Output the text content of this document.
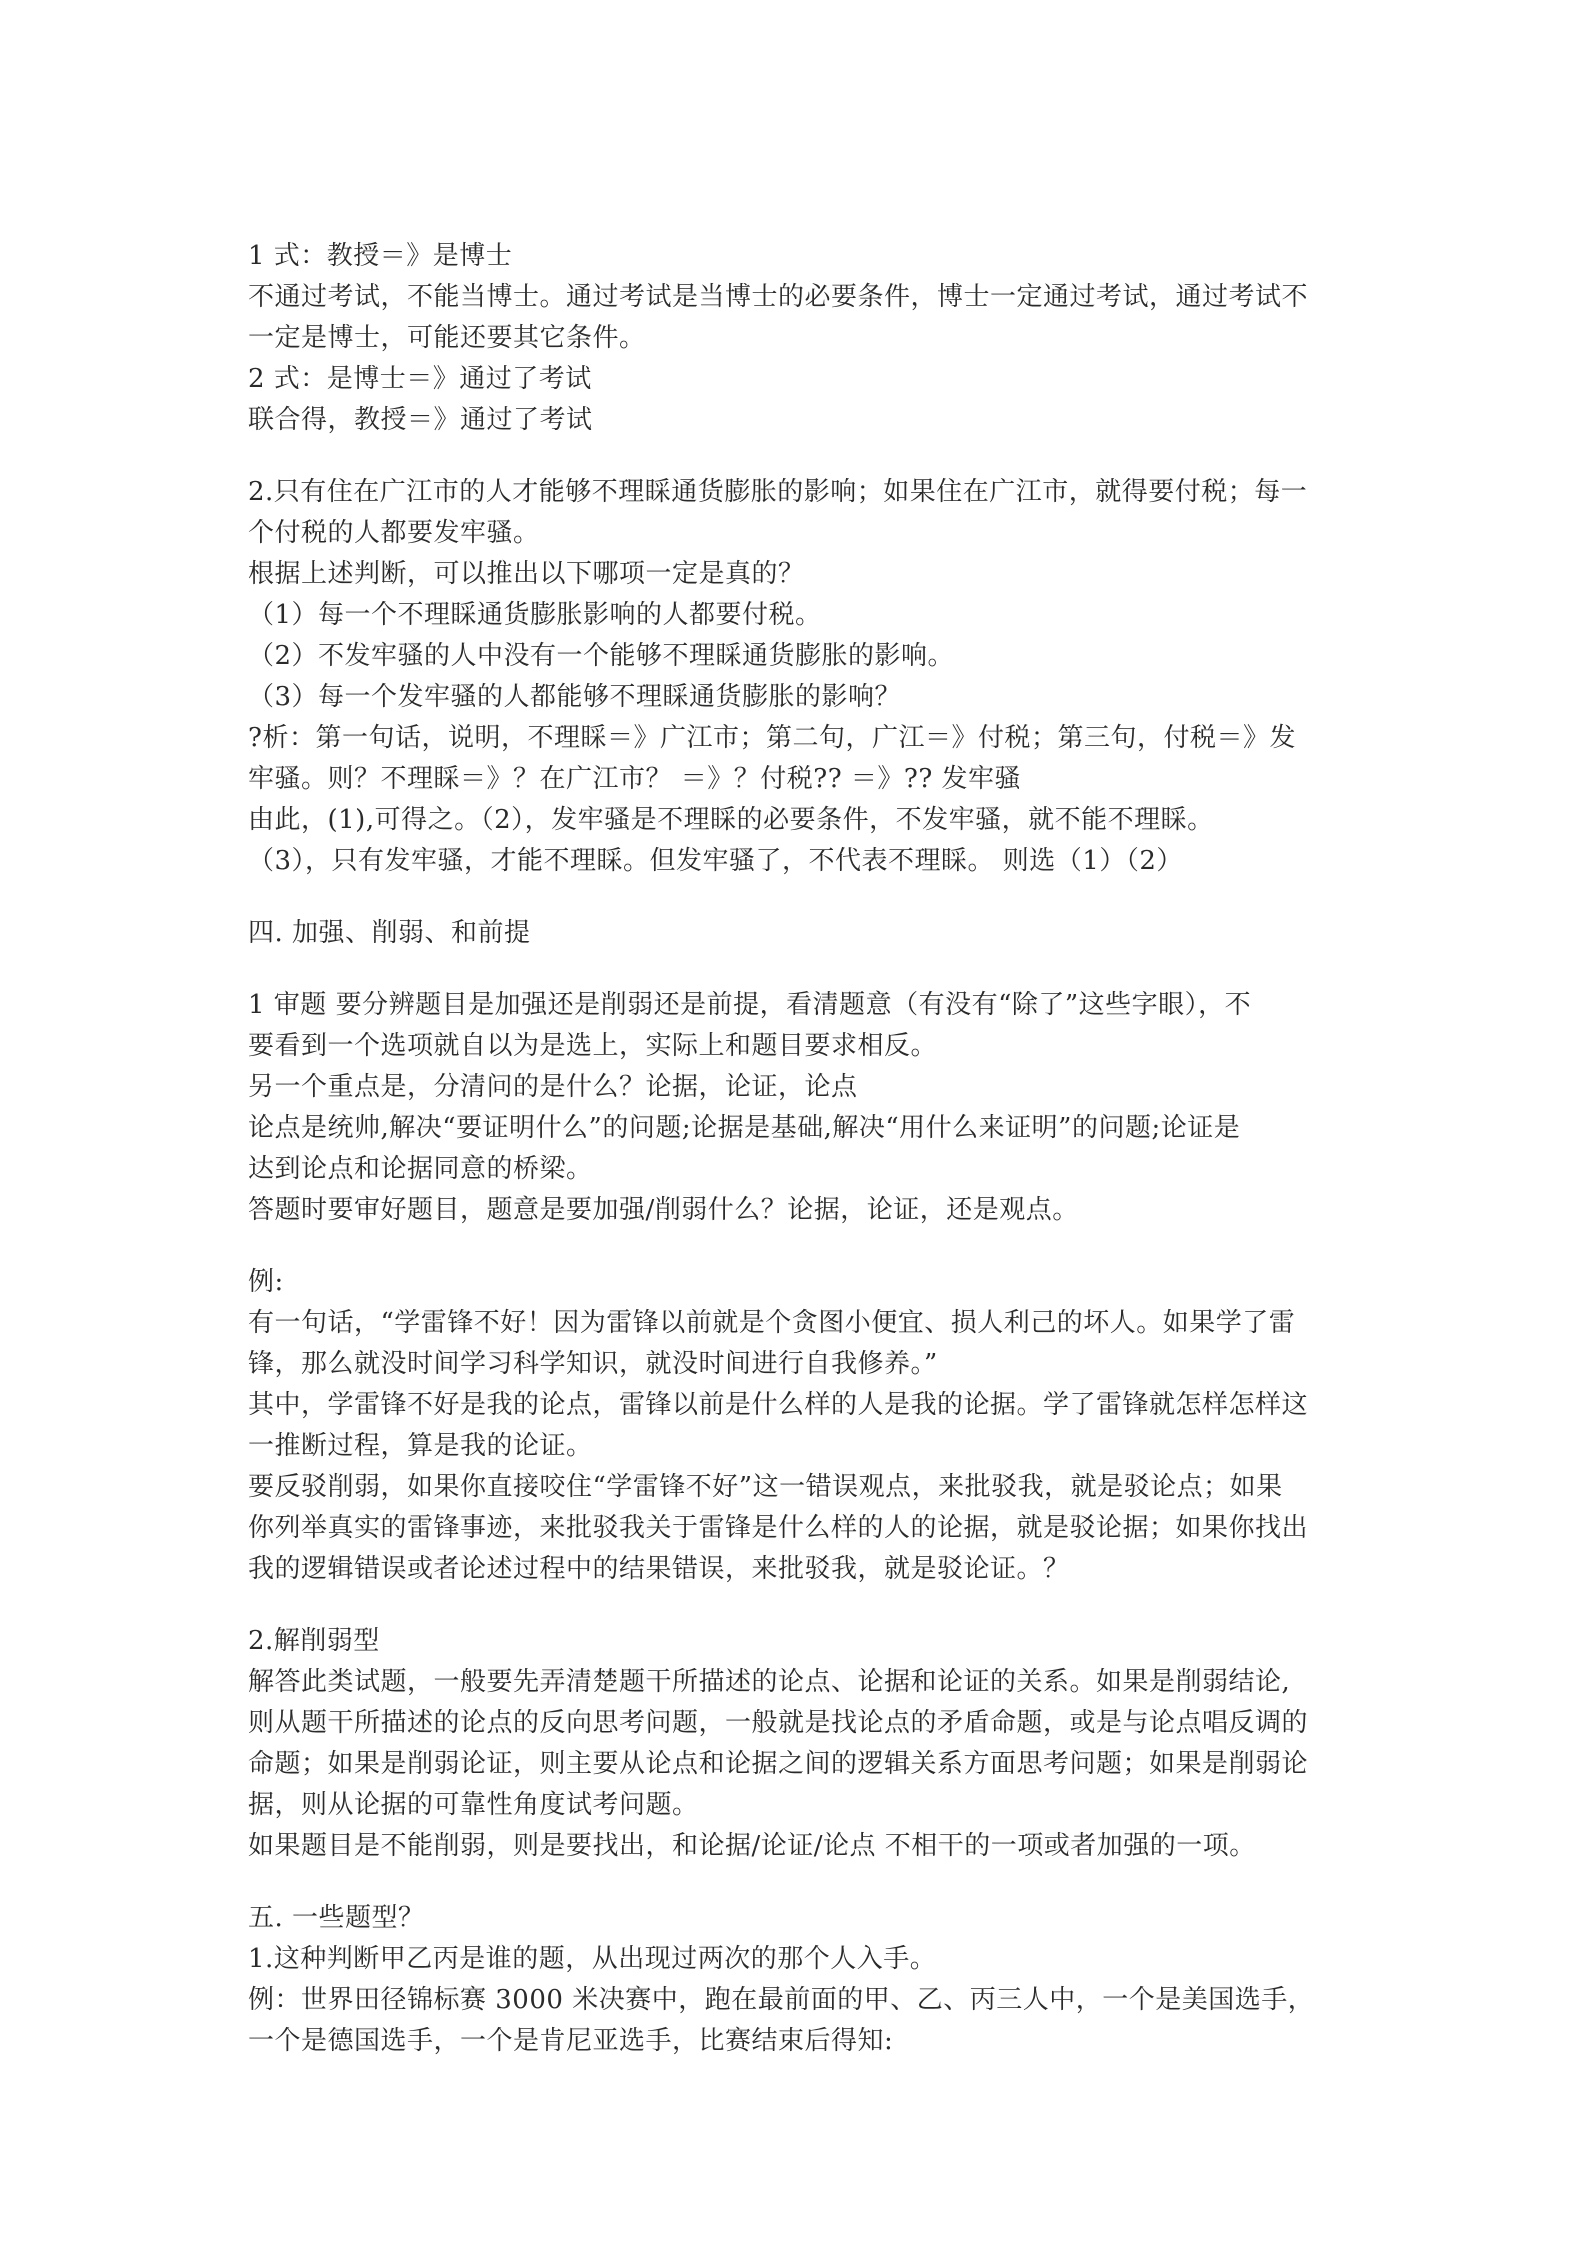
1 式：教授＝》是博士
不通过考试，不能当博士。通过考试是当博士的必要条件，博士一定通过考试，通过考试不
一定是博士，可能还要其它条件。
2 式：是博士＝》通过了考试
联合得，教授＝》通过了考试
2.只有住在广江市的人才能够不理睬通货膨胀的影响；如果住在广江市，就得要付税；每一
个付税的人都要发牢骚。
根据上述判断，可以推出以下哪项一定是真的？
（1）每一个不理睬通货膨胀影响的人都要付税。
（2）不发牢骚的人中没有一个能够不理睬通货膨胀的影响。
（3）每一个发牢骚的人都能够不理睬通货膨胀的影响？
?析：第一句话，说明，不理睬＝》广江市；第二句，广江＝》付税；第三句，付税＝》发
牢骚。则？不理睬＝》？在广江市？ ＝》？付税?? ＝》?? 发牢骚
由此，(1),可得之。（2），发牢骚是不理睬的必要条件，不发牢骚，就不能不理睬。
（3），只有发牢骚，才能不理睬。但发牢骚了，不代表不理睬。 则选（1）（2）
四. 加强、削弱、和前提
1 审题 要分辨题目是加强还是削弱还是前提，看清题意（有没有“除了”这些字眼），不
要看到一个选项就自以为是选上，实际上和题目要求相反。
另一个重点是，分清问的是什么？论据，论证，论点
论点是统帅,解决“要证明什么”的问题;论据是基础,解决“用什么来证明”的问题;论证是
达到论点和论据同意的桥梁。
答题时要审好题目，题意是要加强/削弱什么？论据，论证，还是观点。
例:
有一句话，“学雷锋不好！因为雷锋以前就是个贪图小便宜、损人利己的坏人。如果学了雷
锋，那么就没时间学习科学知识，就没时间进行自我修养。”
其中，学雷锋不好是我的论点，雷锋以前是什么样的人是我的论据。学了雷锋就怎样怎样这
一推断过程，算是我的论证。
要反驳削弱，如果你直接咬住“学雷锋不好”这一错误观点，来批驳我，就是驳论点；如果
你列举真实的雷锋事迹，来批驳我关于雷锋是什么样的人的论据，就是驳论据；如果你找出
我的逻辑错误或者论述过程中的结果错误，来批驳我，就是驳论证。？
2.解削弱型
解答此类试题，一般要先弄清楚题干所描述的论点、论据和论证的关系。如果是削弱结论,
则从题干所描述的论点的反向思考问题，一般就是找论点的矛盾命题，或是与论点唱反调的
命题；如果是削弱论证，则主要从论点和论据之间的逻辑关系方面思考问题；如果是削弱论
据，则从论据的可靠性角度试考问题。
如果题目是不能削弱，则是要找出，和论据/论证/论点 不相干的一项或者加强的一项。
五. 一些题型？
1.这种判断甲乙丙是谁的题，从出现过两次的那个人入手。
例：世界田径锦标赛 3000 米决赛中，跑在最前面的甲、乙、丙三人中，一个是美国选手，
一个是德国选手，一个是肯尼亚选手，比赛结束后得知:
